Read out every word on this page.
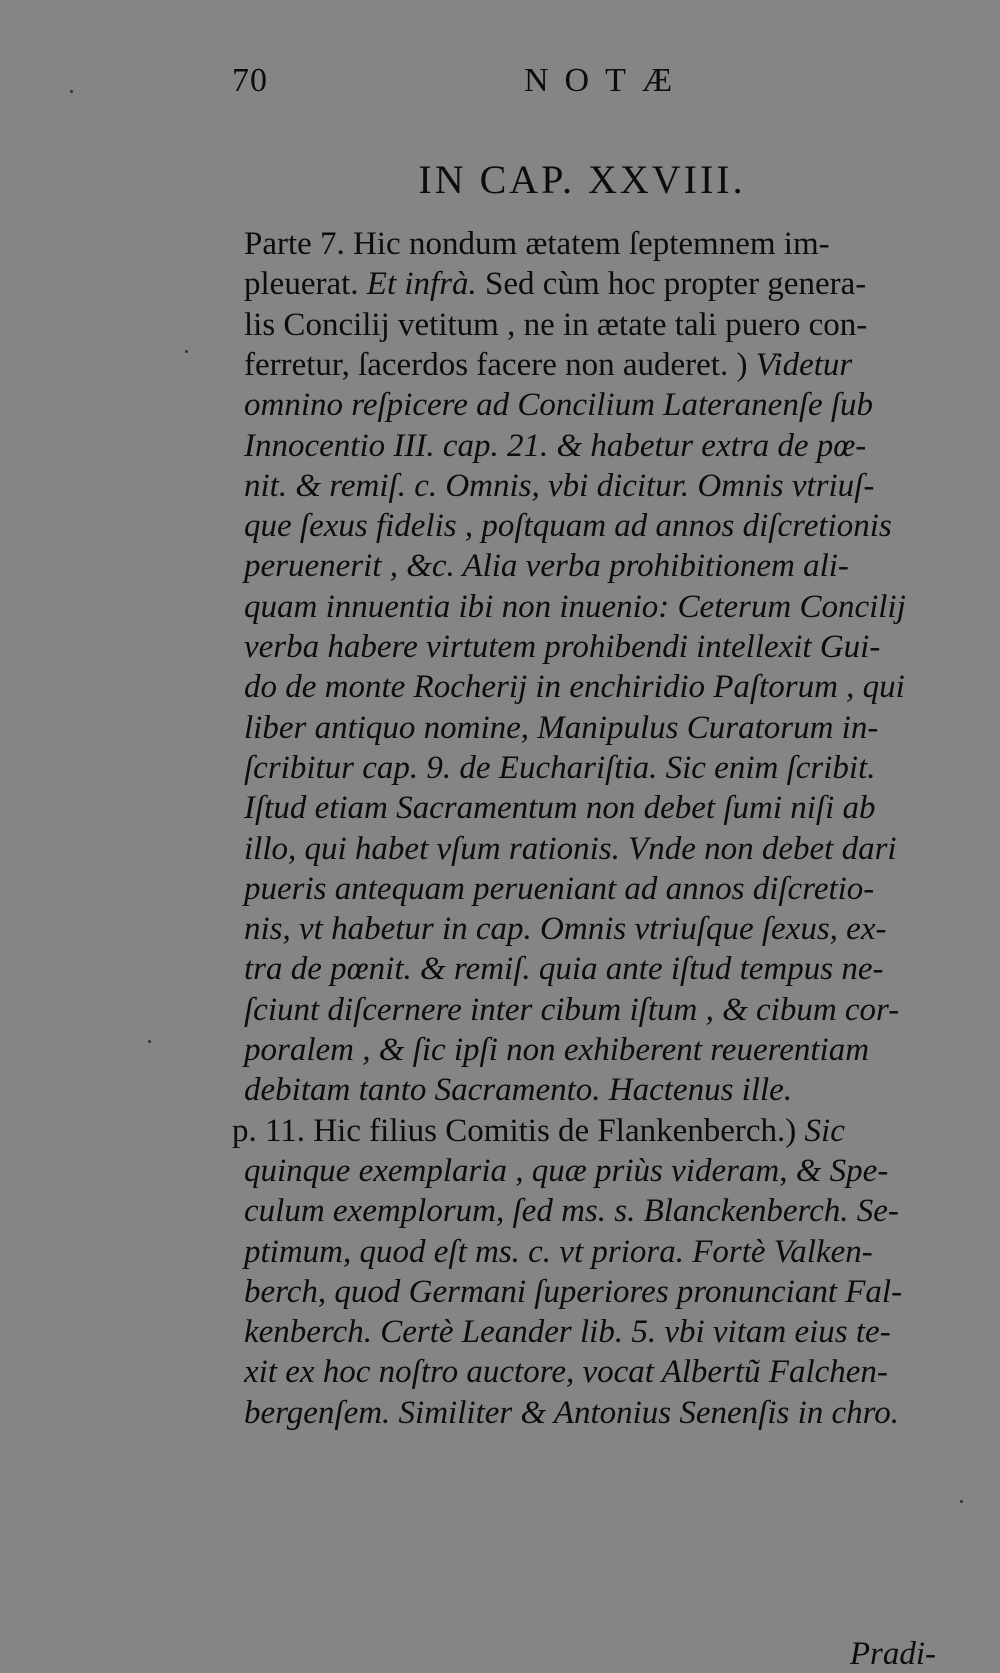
70	NOTÆ
IN CAP. XXVIII.
Parte 7. Hic nondum ætatem ſeptemnem im-
pleuerat. Et infrà. Sed cùm hoc propter genera-
lis Concilij vetitum , ne in ætate tali puero con-
ferretur, ſacerdos facere non auderet. ) Videtur
omnino reſpicere ad Concilium Lateranenſe ſub
Innocentio III. cap. 21. & habetur extra de pœ-
nit. & remiſ. c. Omnis, vbi dicitur. Omnis vtriuſ-
que ſexus fidelis , poſtquam ad annos diſcretionis
peruenerit , &c. Alia verba prohibitionem ali-
quam innuentia ibi non inuenio: Ceterum Concilij
verba habere virtutem prohibendi intellexit Gui-
do de monte Rocherij in enchiridio Paſtorum , qui
liber antiquo nomine, Manipulus Curatorum in-
ſcribitur cap. 9. de Euchariſtia. Sic enim ſcribit.
Iſtud etiam Sacramentum non debet ſumi niſi ab
illo, qui habet vſum rationis. Vnde non debet dari
pueris antequam perueniant ad annos diſcretio-
nis, vt habetur in cap. Omnis vtriuſque ſexus, ex-
tra de pœnit. & remiſ. quia ante iſtud tempus ne-
ſciunt diſcernere inter cibum iſtum , & cibum cor-
poralem , & ſic ipſi non exhiberent reuerentiam
debitam tanto Sacramento. Hactenus ille.
p. 11. Hic filius Comitis de Flankenberch.) Sic
quinque exemplaria , quæ priùs videram, & Spe-
culum exemplorum, ſed ms. s. Blanckenberch. Se-
ptimum, quod eſt ms. c. vt priora. Fortè Valken-
berch, quod Germani ſuperiores pronunciant Fal-
kenberch. Certè Leander lib. 5. vbi vitam eius te-
xit ex hoc noſtro auctore, vocat Albertũ Falchen-
bergenſem. Similiter & Antonius Senenſis in chro.
Pradi-
